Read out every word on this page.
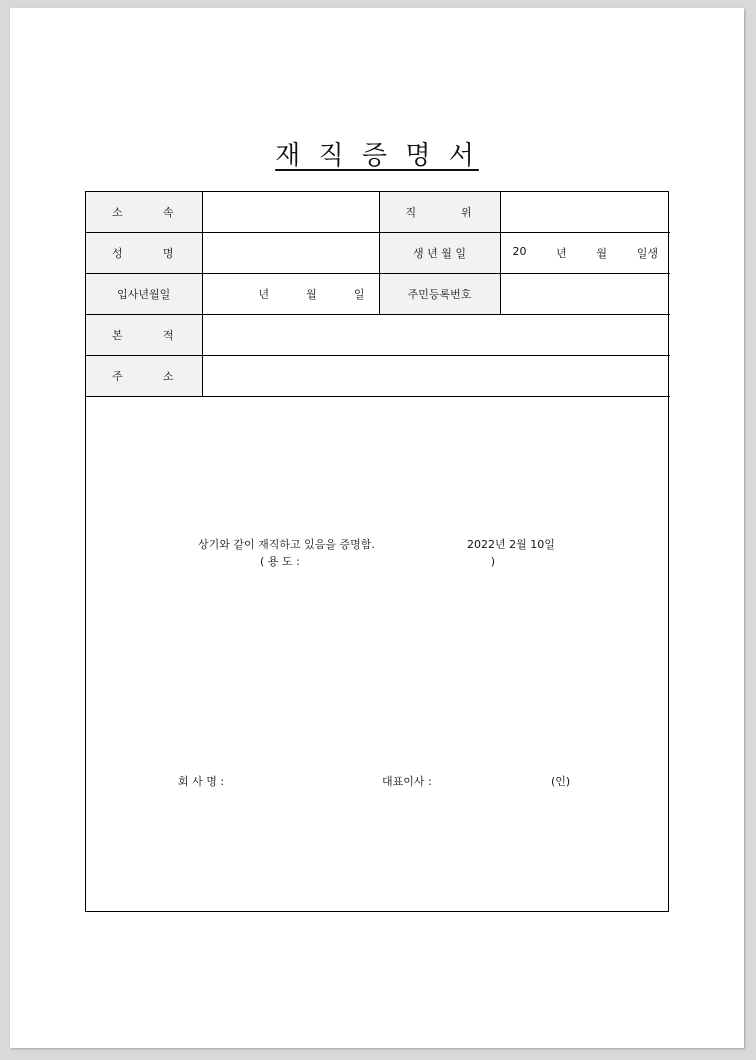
재 직 증 명 서
소 속		직 위	

성 명		생 년 월 일	20 년 월 일생

입사년월일	년 월 일	주민등록번호	

본 적			

주 소			

상기와 같이 재직하고 있음을 증명함.	2022년 2월 10일
( 용 도 :	)
회 사 명 :	대표이사 :	(인)
